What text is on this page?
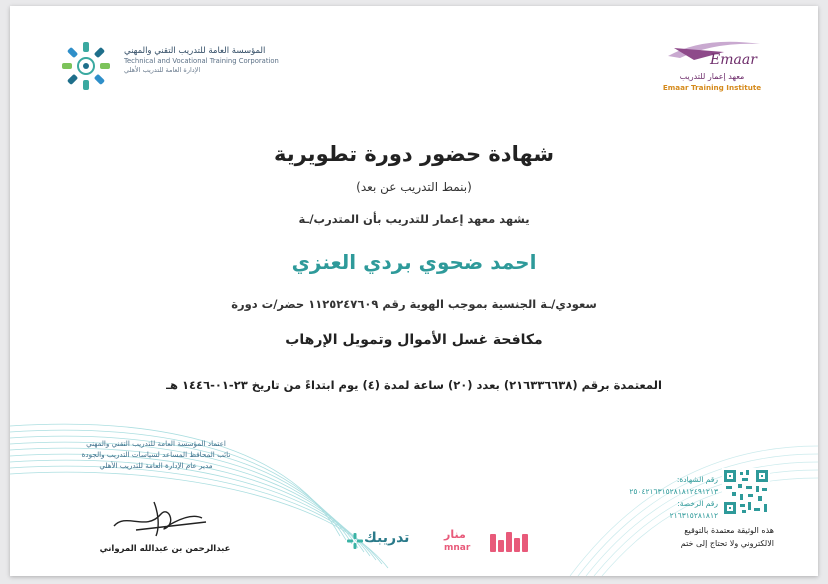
المؤسسة العامة للتدريب التقني والمهني
Technical and Vocational Training Corporation
الإدارة العامة للتدريب الأهلي
Emaar
معهد إعمار للتدريب
Emaar Training Institute
شهادة حضور دورة تطويرية
(بنمط التدريب عن بعد)
يشهد معهد إعمار للتدريب بأن المتدرب/ـة
احمد ضحوي بردي العنزي
سعودي/ـة الجنسية بموجب الهوية رقم ١١٢٥٢٤٧٦٠٩ حضر/ت دورة
مكافحة غسل الأموال وتمويل الإرهاب
المعتمدة برقم (٢١٦٣٣٦٦٣٨) بعدد (٢٠) ساعة لمدة (٤) يوم ابتداءً من تاريخ ٢٣-٠١-١٤٤٦ هـ
اعتماد المؤسسة العامة للتدريب التقني والمهني
نائب المحافظ المساعد لسياسات التدريب والجودة
مدير عام الإدارة العامة للتدريب الأهلي
عبدالرحمن بن عبدالله المرواني
تدريبك	منار
mnar
رقم الشهادة:
٢٥٠٤٢١٦٣١٥٢٨١٨١٢٤٩١٢١٣
رقم الرخصة:
٢١٦٣١٥٢٨١٨١٢
هذه الوثيقة معتمدة بالتوقيع
الالكتروني ولا تحتاج إلى ختم
